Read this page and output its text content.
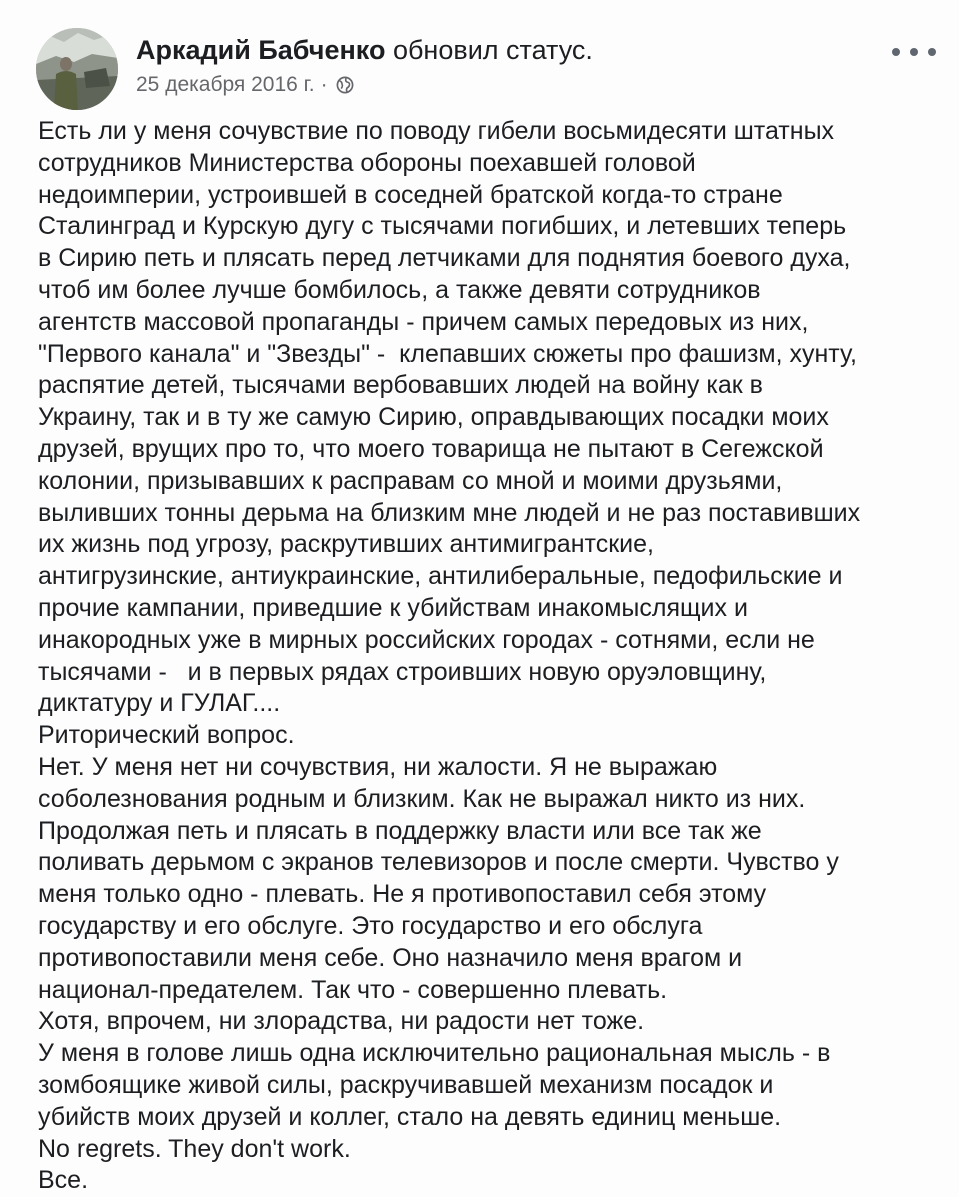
Аркадий Бабченко обновил статус.
25 декабря 2016 г. ·
Есть ли у меня сочувствие по поводу гибели восьмидесяти штатных
сотрудников Министерства обороны поехавшей головой
недоимперии, устроившей в соседней братской когда-то стране
Сталинград и Курскую дугу с тысячами погибших, и летевших теперь
в Сирию петь и плясать перед летчиками для поднятия боевого духа,
чтоб им более лучше бомбилось, а также девяти сотрудников
агентств массовой пропаганды - причем самых передовых из них,
"Первого канала" и "Звезды" -  клепавших сюжеты про фашизм, хунту,
распятие детей, тысячами вербовавших людей на войну как в
Украину, так и в ту же самую Сирию, оправдывающих посадки моих
друзей, врущих про то, что моего товарища не пытают в Сегежской
колонии, призывавших к расправам со мной и моими друзьями,
выливших тонны дерьма на близким мне людей и не раз поставивших
их жизнь под угрозу, раскрутивших антимигрантские,
антигрузинские, антиукраинские, антилиберальные, педофильские и
прочие кампании, приведшие к убийствам инакомыслящих и
инакородных уже в мирных российских городах - сотнями, если не
тысячами -   и в первых рядах строивших новую оруэловщину,
диктатуру и ГУЛАГ....
Риторический вопрос.
Нет. У меня нет ни сочувствия, ни жалости. Я не выражаю
соболезнования родным и близким. Как не выражал никто из них.
Продолжая петь и плясать в поддержку власти или все так же
поливать дерьмом с экранов телевизоров и после смерти. Чувство у
меня только одно - плевать. Не я противопоставил себя этому
государству и его обслуге. Это государство и его обслуга
противопоставили меня себе. Оно назначило меня врагом и
национал-предателем. Так что - совершенно плевать.
Хотя, впрочем, ни злорадства, ни радости нет тоже.
У меня в голове лишь одна исключительно рациональная мысль - в
зомбоящике живой силы, раскручивавшей механизм посадок и
убийств моих друзей и коллег, стало на девять единиц меньше.
No regrets. They don't work.
Все.
